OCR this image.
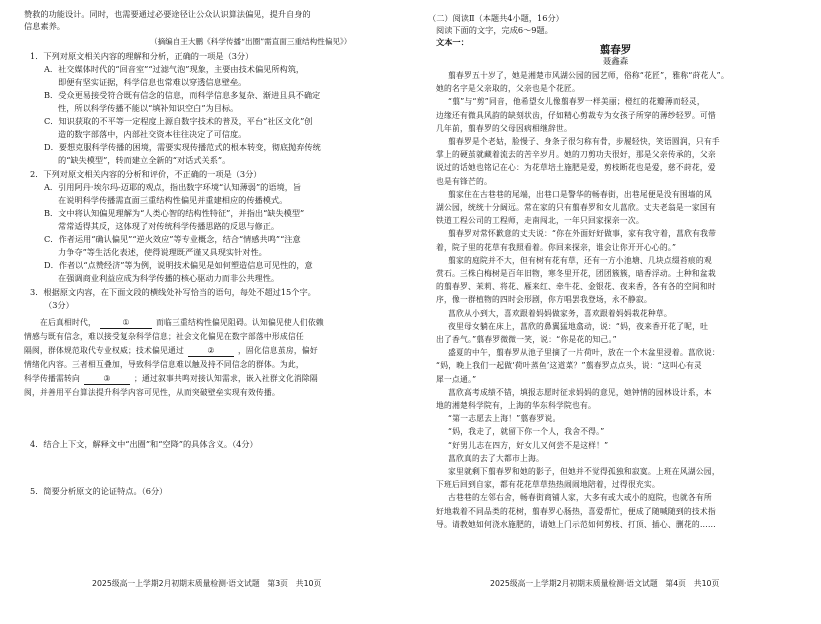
赞救的功能设计。同时，也需要通过必要途径让公众认识算法偏见，提升自身的
信息素养。
（摘编自王大鹏《科学传播“出圈”需直面三重结构性偏见》）
1．下列对原文相关内容的理解和分析，正确的一项是（3分）
A．社交媒体时代的“回音室”“过滤气泡”现象，主要由技术偏见所构筑，
即便有坚实证据，科学信息也常难以穿透信息壁垒。
B．受众更易接受符合既有信念的信息，而科学信息多复杂、渐进且具不确定
性，所以科学传播不能以“填补知识空白”为目标。
C．知识获取的不平等一定程度上源自数字技术的普及，平台“社区文化”创
造的数字部落中，内部社交资本往往决定了可信度。
D．要想克服科学传播的困境，需要实现传播范式的根本转变，彻底抛弃传统
的“缺失模型”，转而建立全新的“对话式关系”。
2．下列对原文相关内容的分析和评价，不正确的一项是（3分）
A．引用阿丹·埃尔玛-迈耶的观点，指出数字环境“认知薄弱”的语境，旨
在说明科学传播需直面三重结构性偏见并重建相应的传播模式。
B．文中将认知偏见理解为“人类心智的结构性特征”，并指出“缺失模型”
常常适得其反，这体现了对传统科学传播思路的反思与修正。
C．作者运用“确认偏见”“逆火效应”等专业概念，结合“情感共鸣”“注意
力争夺”等生活化表述，使得说理既严谨又具现实针对性。
D．作者以“点赞经济”等为例，说明技术偏见是如何塑造信息可见性的，意
在强调商业利益应成为科学传播的核心驱动力而非公共理性。
3．根据原文内容，在下面文段的横线处补写恰当的语句，每处不超过15个字。
（3分）
在后真相时代，	①	而临三重结构性偏见阻碍。认知偏见使人们依赖
情感与既有信念，难以接受复杂科学信息；社会文化偏见在数字部落中形成信任
隔阂，群体规范取代专业权威；技术偏见通过	②	，固化信息茧房，偏好
情绪化内容。三者相互叠加，导致科学信息难以触及持不同信念的群体。为此，
科学传播需转向	③	；通过叙事共鸣对接认知需求，嵌入社群文化消除隔
阂，并善用平台算法提升科学内容可见性，从而突破壁垒实现有效传播。
4．结合上下文，解释文中“出圈”和“空降”的具体含义。（4分）
5．简要分析原文的论证特点。（6分）
2025级高一上学期2月初期末质量检测·语文试题　第3页　共10页
（二）阅读Ⅱ（本题共4小题，16分）
阅读下面的文字，完成6～9题。
文本一：
翦春罗
聂鑫森
翦春罗五十岁了，她是湘楚市风湖公园的园艺师，俗称“花匠”，雅称“莳花人”。
她的名字是父亲取的，父亲也是个花匠。
“翦”与“剪”同音，他希望女儿像翦春罗一样美丽；橙红的花瓣薄而轻灵，
边缘还有微具风韵的缺刻状齿，仔如精心剪裁专为女孩子所穿的薄纱轻罗。可惜
几年前，翦春罗的父母因病相继辞世。
翦春罗是个老姑，脸慢子、身条子很匀称有骨，步履轻快，笑语圆润，只有手
掌上的硬茧就藏着流去的苦辛岁月。她的刀剪功夫很好，那是父亲传承的，父亲
说过的话她也铭记在心：为花草培土施肥是爱，剪枝断花也是爱，慈不莳花，爱
也是有锋芒的。
翦家住在古巷巷的尾端，出巷口是警华的畅春街，出巷尾便是没有围墙的风
湖公园，统统十分阔远。常在家的只有翦春罗和女儿菖欣。丈夫老翁是一家国有
铁道工程公司的工程师，走南闯北，一年只回家探亲一次。
翦春罗对常怀歉意的丈夫说：“你在外面好好做事，家有我守着，菖欣有我带
着，院子里的花草有我照看着。你回来探亲，谁会让你开开心心的。”
翦家的庭院并不大，但有树有花有草，还有一方小池塘、几块点缀苔痕的观
赏石。三株白梅树是百年旧物，寒冬里开花，团团簇簇，暗香浮动。土种和盆栽
的翦春罗、茉莉、将花、雁来红、牵牛花、金银花、夜来香，各有各的空间和时
序，像一群植物的四时会形剧，你方唱罢我登场，永不静寂。
菖欣从小到大，喜欢跟着妈妈做家务，喜欢跟着妈妈栽花种草。
夜里母女躺在床上，菖欣的鼻翼猛地翕动，说：“妈，夜来香开花了呢，吐
出了香气。”翦春罗微微一笑，说：“你是花的知己。”
盛夏的中午，翦春罗从池子里摘了一片荷叶，放在一个木盆里浸着。菖欣说：
“妈，晚上我们一起做‘荷叶蒸鱼’这道菜？”翦春罗点点头，说：“这叫心有灵
犀一点通。”
菖欣高考成绩不错，填报志愿时征求妈妈的意见，她钟情的园林设计系，本
地的湘楚科学院有，上海的华东科学院也有。
“第一志愿去上海！”翦春罗说。
“妈，我走了，就留下你一个人，我舍不得。”
“好男儿志在四方，好女儿又何尝不是这样！”
菖欣真的去了大都市上海。
家里就剩下翦春罗和她的影子，但她并不觉得孤独和寂寞。上班在风湖公园，
下班后回到自家，都有花花草草热热闹闹地陪着，过得很充实。
古巷巷的左邻右舍，畅春街商铺人家，大多有或大或小的庭院，也就各有所
好地栽着不同品类的花树，翦春罗心肠热，喜爱帮忙，便成了随喊随到的技术指
导。请教她如何浇水施肥的，请她上门示范如何剪枝、打顶、插心、删花的……
2025级高一上学期2月初期末质量检测·语文试题　第4页　共10页
